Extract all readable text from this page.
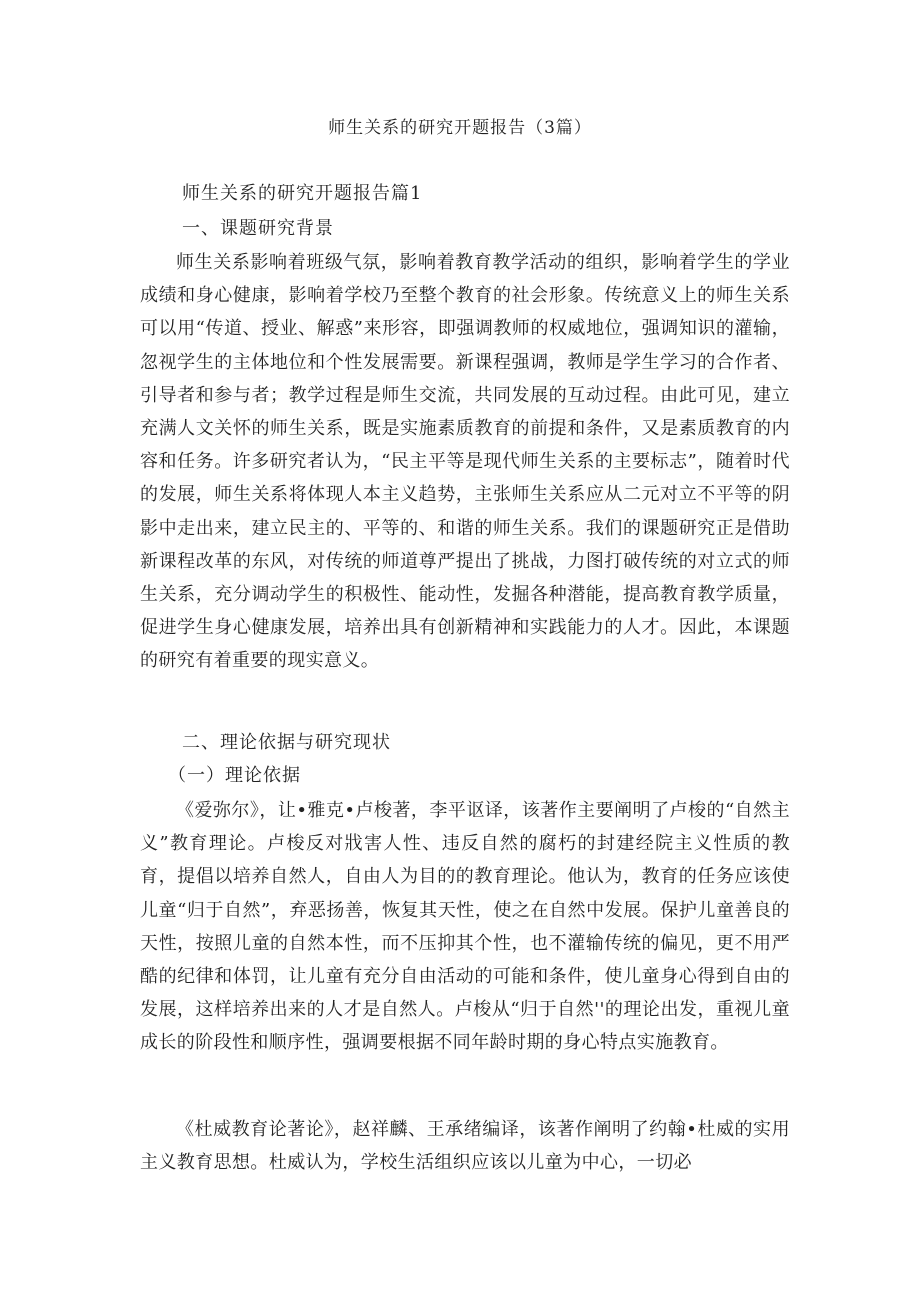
师生关系的研究开题报告（3篇）
师生关系的研究开题报告篇1
一、课题研究背景
师生关系影响着班级气氛，影响着教育教学活动的组织，影响着学生的学业成绩和身心健康，影响着学校乃至整个教育的社会形象。传统意义上的师生关系可以用“传道、授业、解惑”来形容，即强调教师的权威地位，强调知识的灌输，忽视学生的主体地位和个性发展需要。新课程强调，教师是学生学习的合作者、引导者和参与者；教学过程是师生交流，共同发展的互动过程。由此可见，建立充满人文关怀的师生关系，既是实施素质教育的前提和条件，又是素质教育的内容和任务。许多研究者认为，“民主平等是现代师生关系的主要标志”，随着时代的发展，师生关系将体现人本主义趋势，主张师生关系应从二元对立不平等的阴影中走出来，建立民主的、平等的、和谐的师生关系。我们的课题研究正是借助新课程改革的东风，对传统的师道尊严提出了挑战，力图打破传统的对立式的师生关系，充分调动学生的积极性、能动性，发掘各种潜能，提高教育教学质量，促进学生身心健康发展，培养出具有创新精神和实践能力的人才。因此，本课题的研究有着重要的现实意义。
二、理论依据与研究现状
（一）理论依据
《爱弥尔》，让•雅克•卢梭著，李平讴译，该著作主要阐明了卢梭的“自然主义”教育理论。卢梭反对戕害人性、违反自然的腐朽的封建经院主义性质的教育，提倡以培养自然人，自由人为目的的教育理论。他认为，教育的任务应该使儿童“归于自然”，弃恶扬善，恢复其天性，使之在自然中发展。保护儿童善良的天性，按照儿童的自然本性，而不压抑其个性，也不灌输传统的偏见，更不用严酷的纪律和体罚，让儿童有充分自由活动的可能和条件，使儿童身心得到自由的发展，这样培养出来的人才是自然人。卢梭从“归于自然''的理论出发，重视儿童成长的阶段性和顺序性，强调要根据不同年龄时期的身心特点实施教育。
《杜威教育论著论》，赵祥麟、王承绪编译，该著作阐明了约翰•杜威的实用主义教育思想。杜威认为，学校生活组织应该以儿童为中心，一切必
